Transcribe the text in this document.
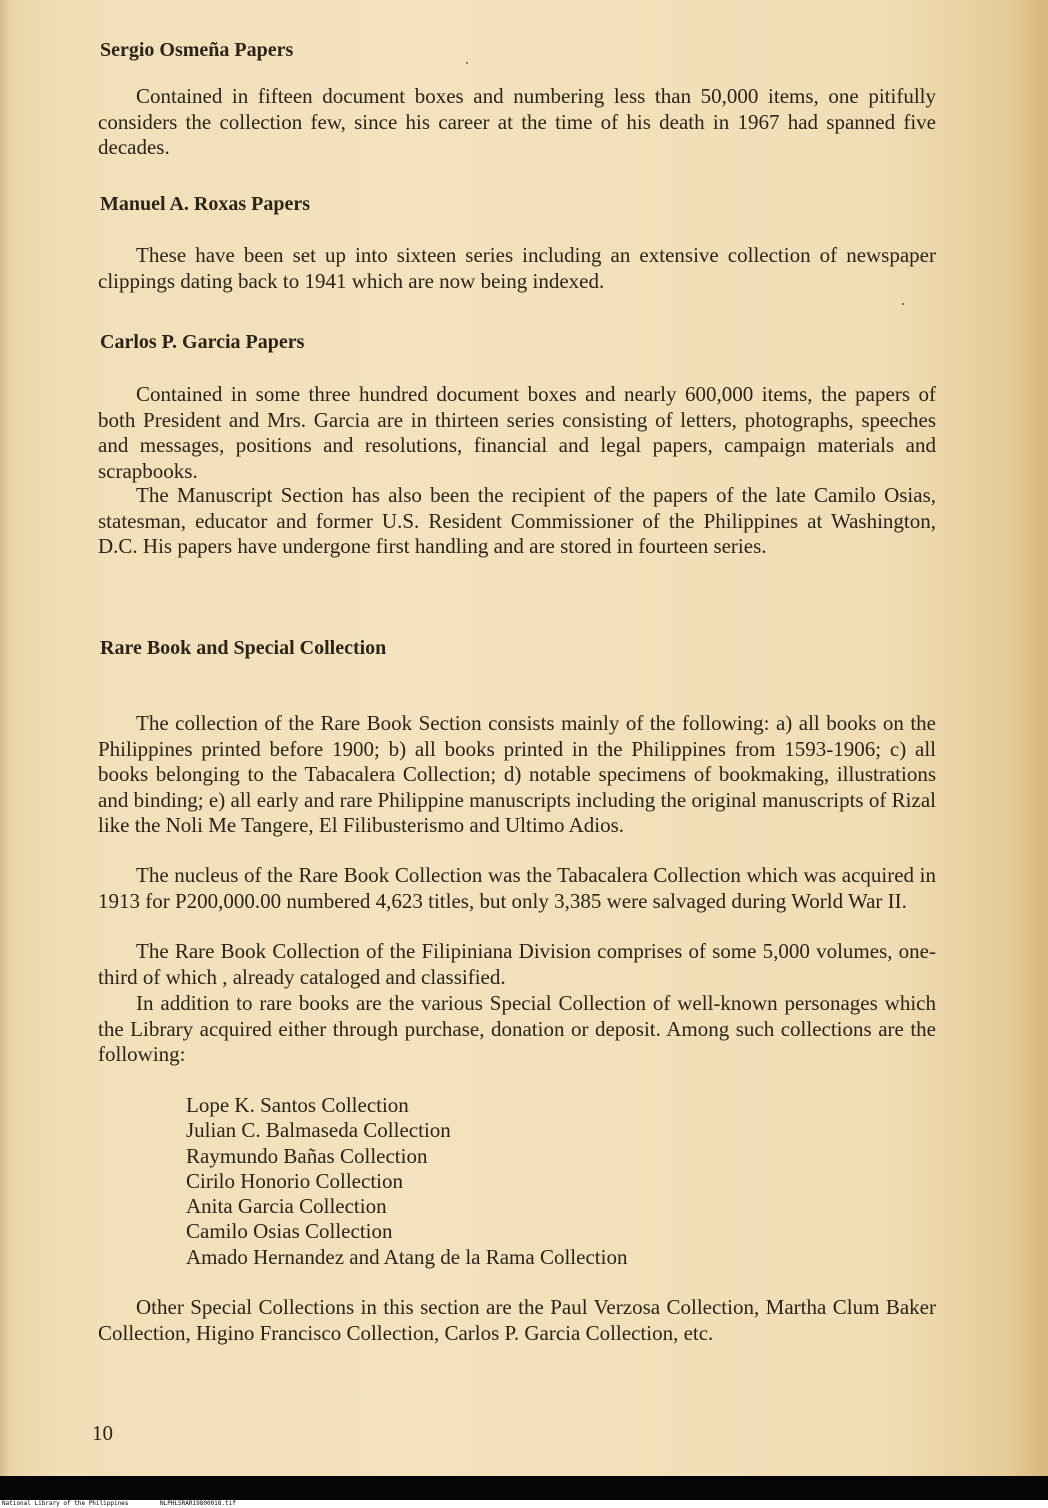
Sergio Osmeña Papers

Contained in fifteen document boxes and numbering less than 50,000 items, one pitifully considers the collection few, since his career at the time of his death in 1967 had spanned five decades.

Manuel A. Roxas Papers

These have been set up into sixteen series including an extensive collection of newspaper clippings dating back to 1941 which are now being indexed.

Carlos P. Garcia Papers

Contained in some three hundred document boxes and nearly 600,000 items, the papers of both President and Mrs. Garcia are in thirteen series consisting of letters, photographs, speeches and messages, positions and resolutions, financial and legal papers, campaign materials and scrapbooks.

The Manuscript Section has also been the recipient of the papers of the late Camilo Osias, statesman, educator and former U.S. Resident Commissioner of the Philippines at Washington, D.C. His papers have undergone first handling and are stored in fourteen series.

Rare Book and Special Collection

The collection of the Rare Book Section consists mainly of the following: a) all books on the Philippines printed before 1900; b) all books printed in the Philippines from 1593-1906; c) all books belonging to the Tabacalera Collection; d) notable specimens of bookmaking, illustrations and binding; e) all early and rare Philippine manuscripts including the original manuscripts of Rizal like the Noli Me Tangere, El Filibusterismo and Ultimo Adios.

The nucleus of the Rare Book Collection was the Tabacalera Collection which was acquired in 1913 for P200,000.00 numbered 4,623 titles, but only 3,385 were salvaged during World War II.

The Rare Book Collection of the Filipiniana Division comprises of some 5,000 volumes, one-third of which , already cataloged and classified.

In addition to rare books are the various Special Collection of well-known personages which the Library acquired either through purchase, donation or deposit. Among such collections are the following:

Lope K. Santos Collection
Julian C. Balmaseda Collection
Raymundo Bañas Collection
Cirilo Honorio Collection
Anita Garcia Collection
Camilo Osias Collection
Amado Hernandez and Atang de la Rama Collection

Other Special Collections in this section are the Paul Verzosa Collection, Martha Clum Baker Collection, Higino Francisco Collection, Carlos P. Garcia Collection, etc.

10
National Library of the Philippines	NLPHLSRAR19800018.tif
